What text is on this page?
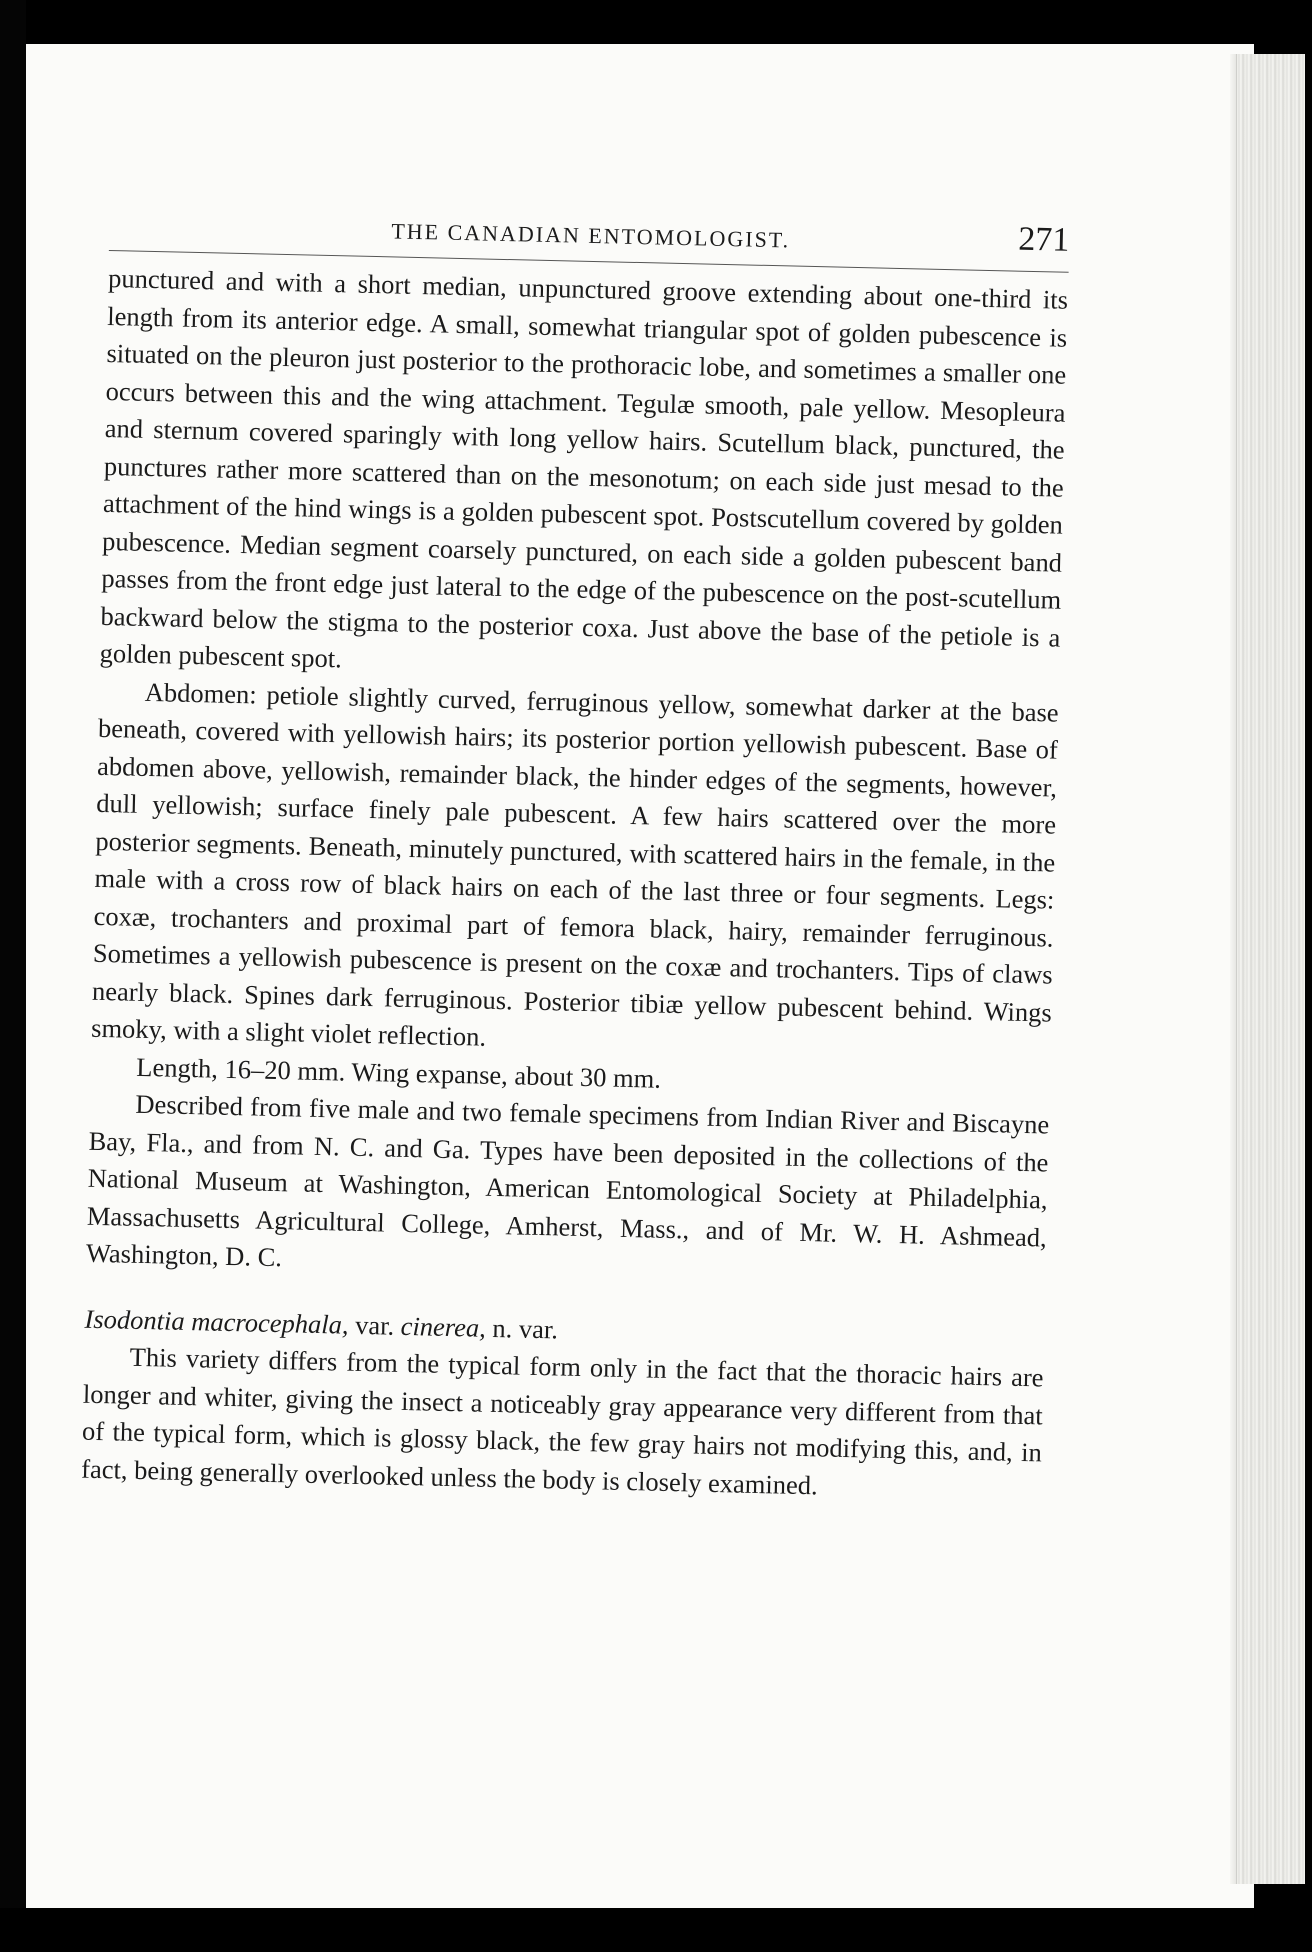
THE CANADIAN ENTOMOLOGIST.	271

punctured and with a short median, unpunctured groove extending about one-third its length from its anterior edge. A small, somewhat triangular spot of golden pubescence is situated on the pleuron just posterior to the prothoracic lobe, and sometimes a smaller one occurs between this and the wing attachment. Tegulæ smooth, pale yellow. Mesopleura and sternum covered sparingly with long yellow hairs. Scutellum black, punctured, the punctures rather more scattered than on the mesonotum; on each side just mesad to the attachment of the hind wings is a golden pubescent spot. Postscutellum covered by golden pubescence. Median segment coarsely punctured, on each side a golden pubescent band passes from the front edge just lateral to the edge of the pubescence on the post-scutellum backward below the stigma to the posterior coxa. Just above the base of the petiole is a golden pubescent spot.

Abdomen: petiole slightly curved, ferruginous yellow, somewhat darker at the base beneath, covered with yellowish hairs; its posterior portion yellowish pubescent. Base of abdomen above, yellowish, remainder black, the hinder edges of the segments, however, dull yellowish; surface finely pale pubescent. A few hairs scattered over the more posterior segments. Beneath, minutely punctured, with scattered hairs in the female, in the male with a cross row of black hairs on each of the last three or four segments. Legs: coxæ, trochanters and proximal part of femora black, hairy, remainder ferruginous. Sometimes a yellowish pubescence is present on the coxæ and trochanters. Tips of claws nearly black. Spines dark ferruginous. Posterior tibiæ yellow pubescent behind. Wings smoky, with a slight violet reflection.

Length, 16–20 mm. Wing expanse, about 30 mm.

Described from five male and two female specimens from Indian River and Biscayne Bay, Fla., and from N. C. and Ga. Types have been deposited in the collections of the National Museum at Washington, American Entomological Society at Philadelphia, Massachusetts Agricultural College, Amherst, Mass., and of Mr. W. H. Ashmead, Washington, D. C.

Isodontia macrocephala, var. cinerea, n. var.

This variety differs from the typical form only in the fact that the thoracic hairs are longer and whiter, giving the insect a noticeably gray appearance very different from that of the typical form, which is glossy black, the few gray hairs not modifying this, and, in fact, being generally overlooked unless the body is closely examined.
